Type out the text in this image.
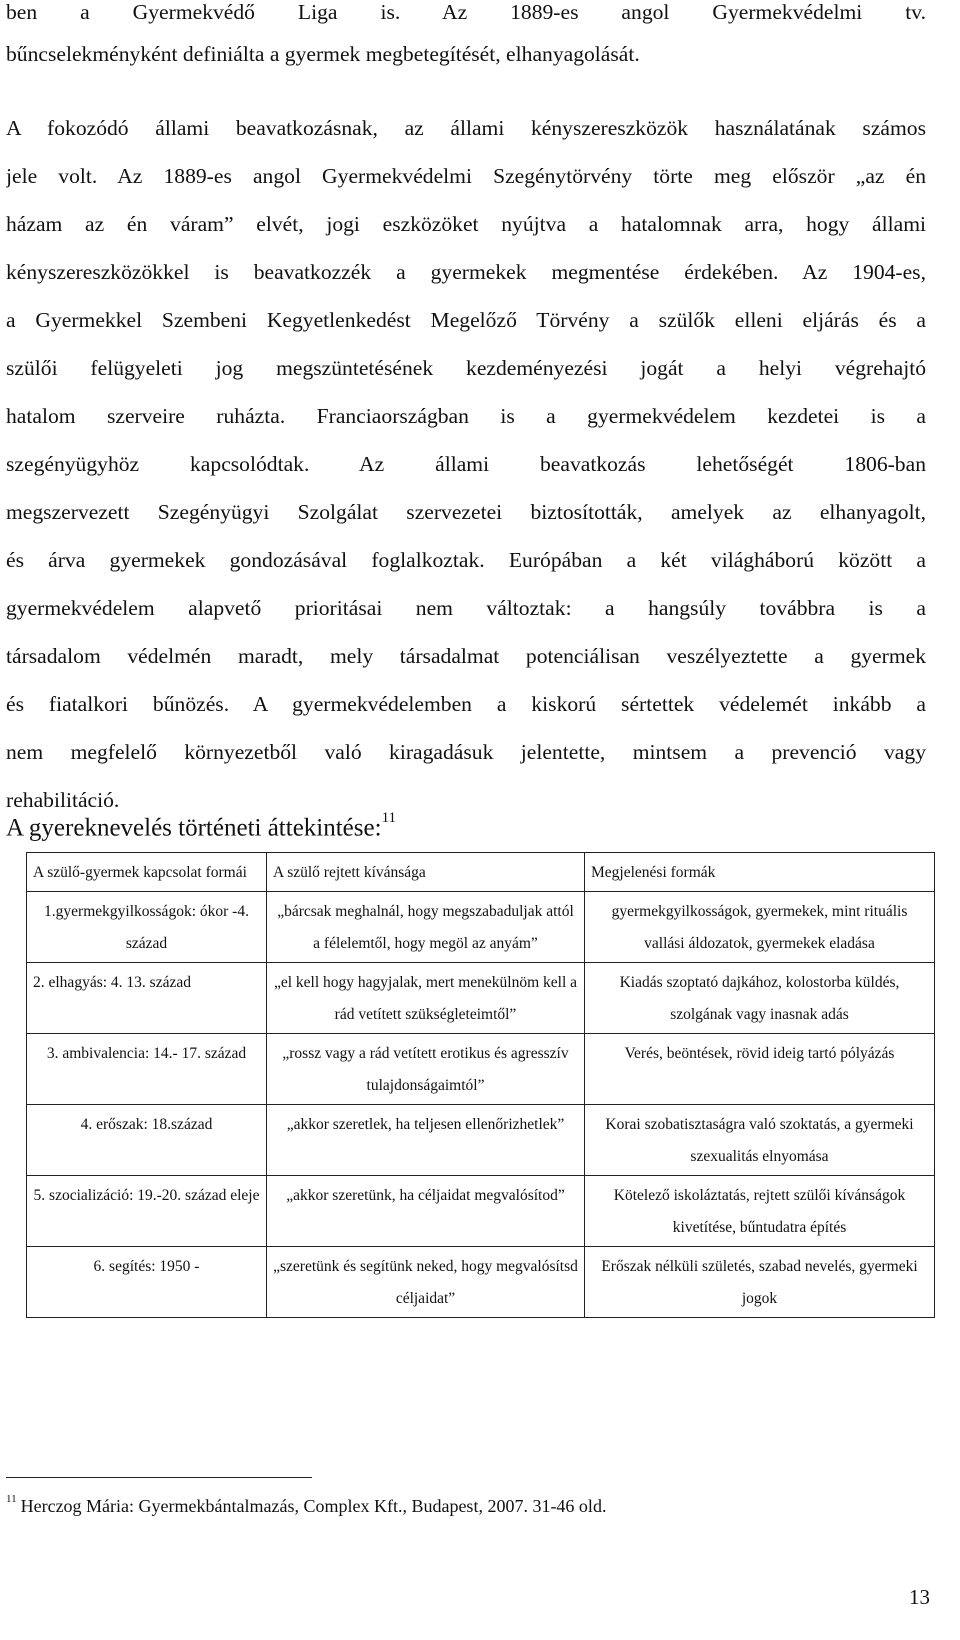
ben a Gyermekvédő Liga is. Az 1889-es angol Gyermekvédelmi tv.
bűncselekményként definiálta a gyermek megbetegítését, elhanyagolását.
A fokozódó állami beavatkozásnak, az állami kényszereszközök használatának számos
jele volt. Az 1889-es angol Gyermekvédelmi Szegénytörvény törte meg először „az én
házam az én váram” elvét, jogi eszközöket nyújtva a hatalomnak arra, hogy állami
kényszereszközökkel is beavatkozzék a gyermekek megmentése érdekében. Az 1904-es,
a Gyermekkel Szembeni Kegyetlenkedést Megelőző Törvény a szülők elleni eljárás és a
szülői felügyeleti jog megszüntetésének kezdeményezési jogát a helyi végrehajtó
hatalom szerveire ruházta. Franciaországban is a gyermekvédelem kezdetei is a
szegényügyhöz kapcsolódtak. Az állami beavatkozás lehetőségét 1806-ban
megszervezett Szegényügyi Szolgálat szervezetei biztosították, amelyek az elhanyagolt,
és árva gyermekek gondozásával foglalkoztak. Európában a két világháború között a
gyermekvédelem alapvető prioritásai nem változtak: a hangsúly továbbra is a
társadalom védelmén maradt, mely társadalmat potenciálisan veszélyeztette a gyermek
és fiatalkori bűnözés. A gyermekvédelemben a kiskorú sértettek védelemét inkább a
nem megfelelő környezetből való kiragadásuk jelentette, mintsem a prevenció vagy
rehabilitáció.
A gyereknevelés történeti áttekintése:$^{11}$
A szülő-gyermek kapcsolat formái	A szülő rejtett kívánsága	Megjelenési formák
1.gyermekgyilkosságok: ókor -4. század	„bárcsak meghalnál, hogy megszabaduljak attól a félelemtől, hogy megöl az anyám”	gyermekgyilkosságok, gyermekek, mint rituális vallási áldozatok, gyermekek eladása
2. elhagyás: 4. 13. század	„el kell hogy hagyjalak, mert menekülnöm kell a rád vetített szükségleteimtől”	Kiadás szoptató dajkához, kolostorba küldés, szolgának vagy inasnak adás
3. ambivalencia: 14.- 17. század	„rossz vagy a rád vetített erotikus és agresszív tulajdonságaimtól”	Verés, beöntések, rövid ideig tartó pólyázás
4. erőszak: 18.század	„akkor szeretlek, ha teljesen ellenőrizhetlek”	Korai szobatisztaságra való szoktatás, a gyermeki szexualitás elnyomása
5. szocializáció: 19.-20. század eleje	„akkor szeretünk, ha céljaidat megvalósítod”	Kötelező iskoláztatás, rejtett szülői kívánságok kivetítése, bűntudatra építés
6. segítés: 1950 -	„szeretünk és segítünk neked, hogy megvalósítsd céljaidat”	Erőszak nélküli születés, szabad nevelés, gyermeki jogok
$^{11}$ Herczog Mária: Gyermekbántalmazás, Complex Kft., Budapest, 2007. 31-46 old.
13
